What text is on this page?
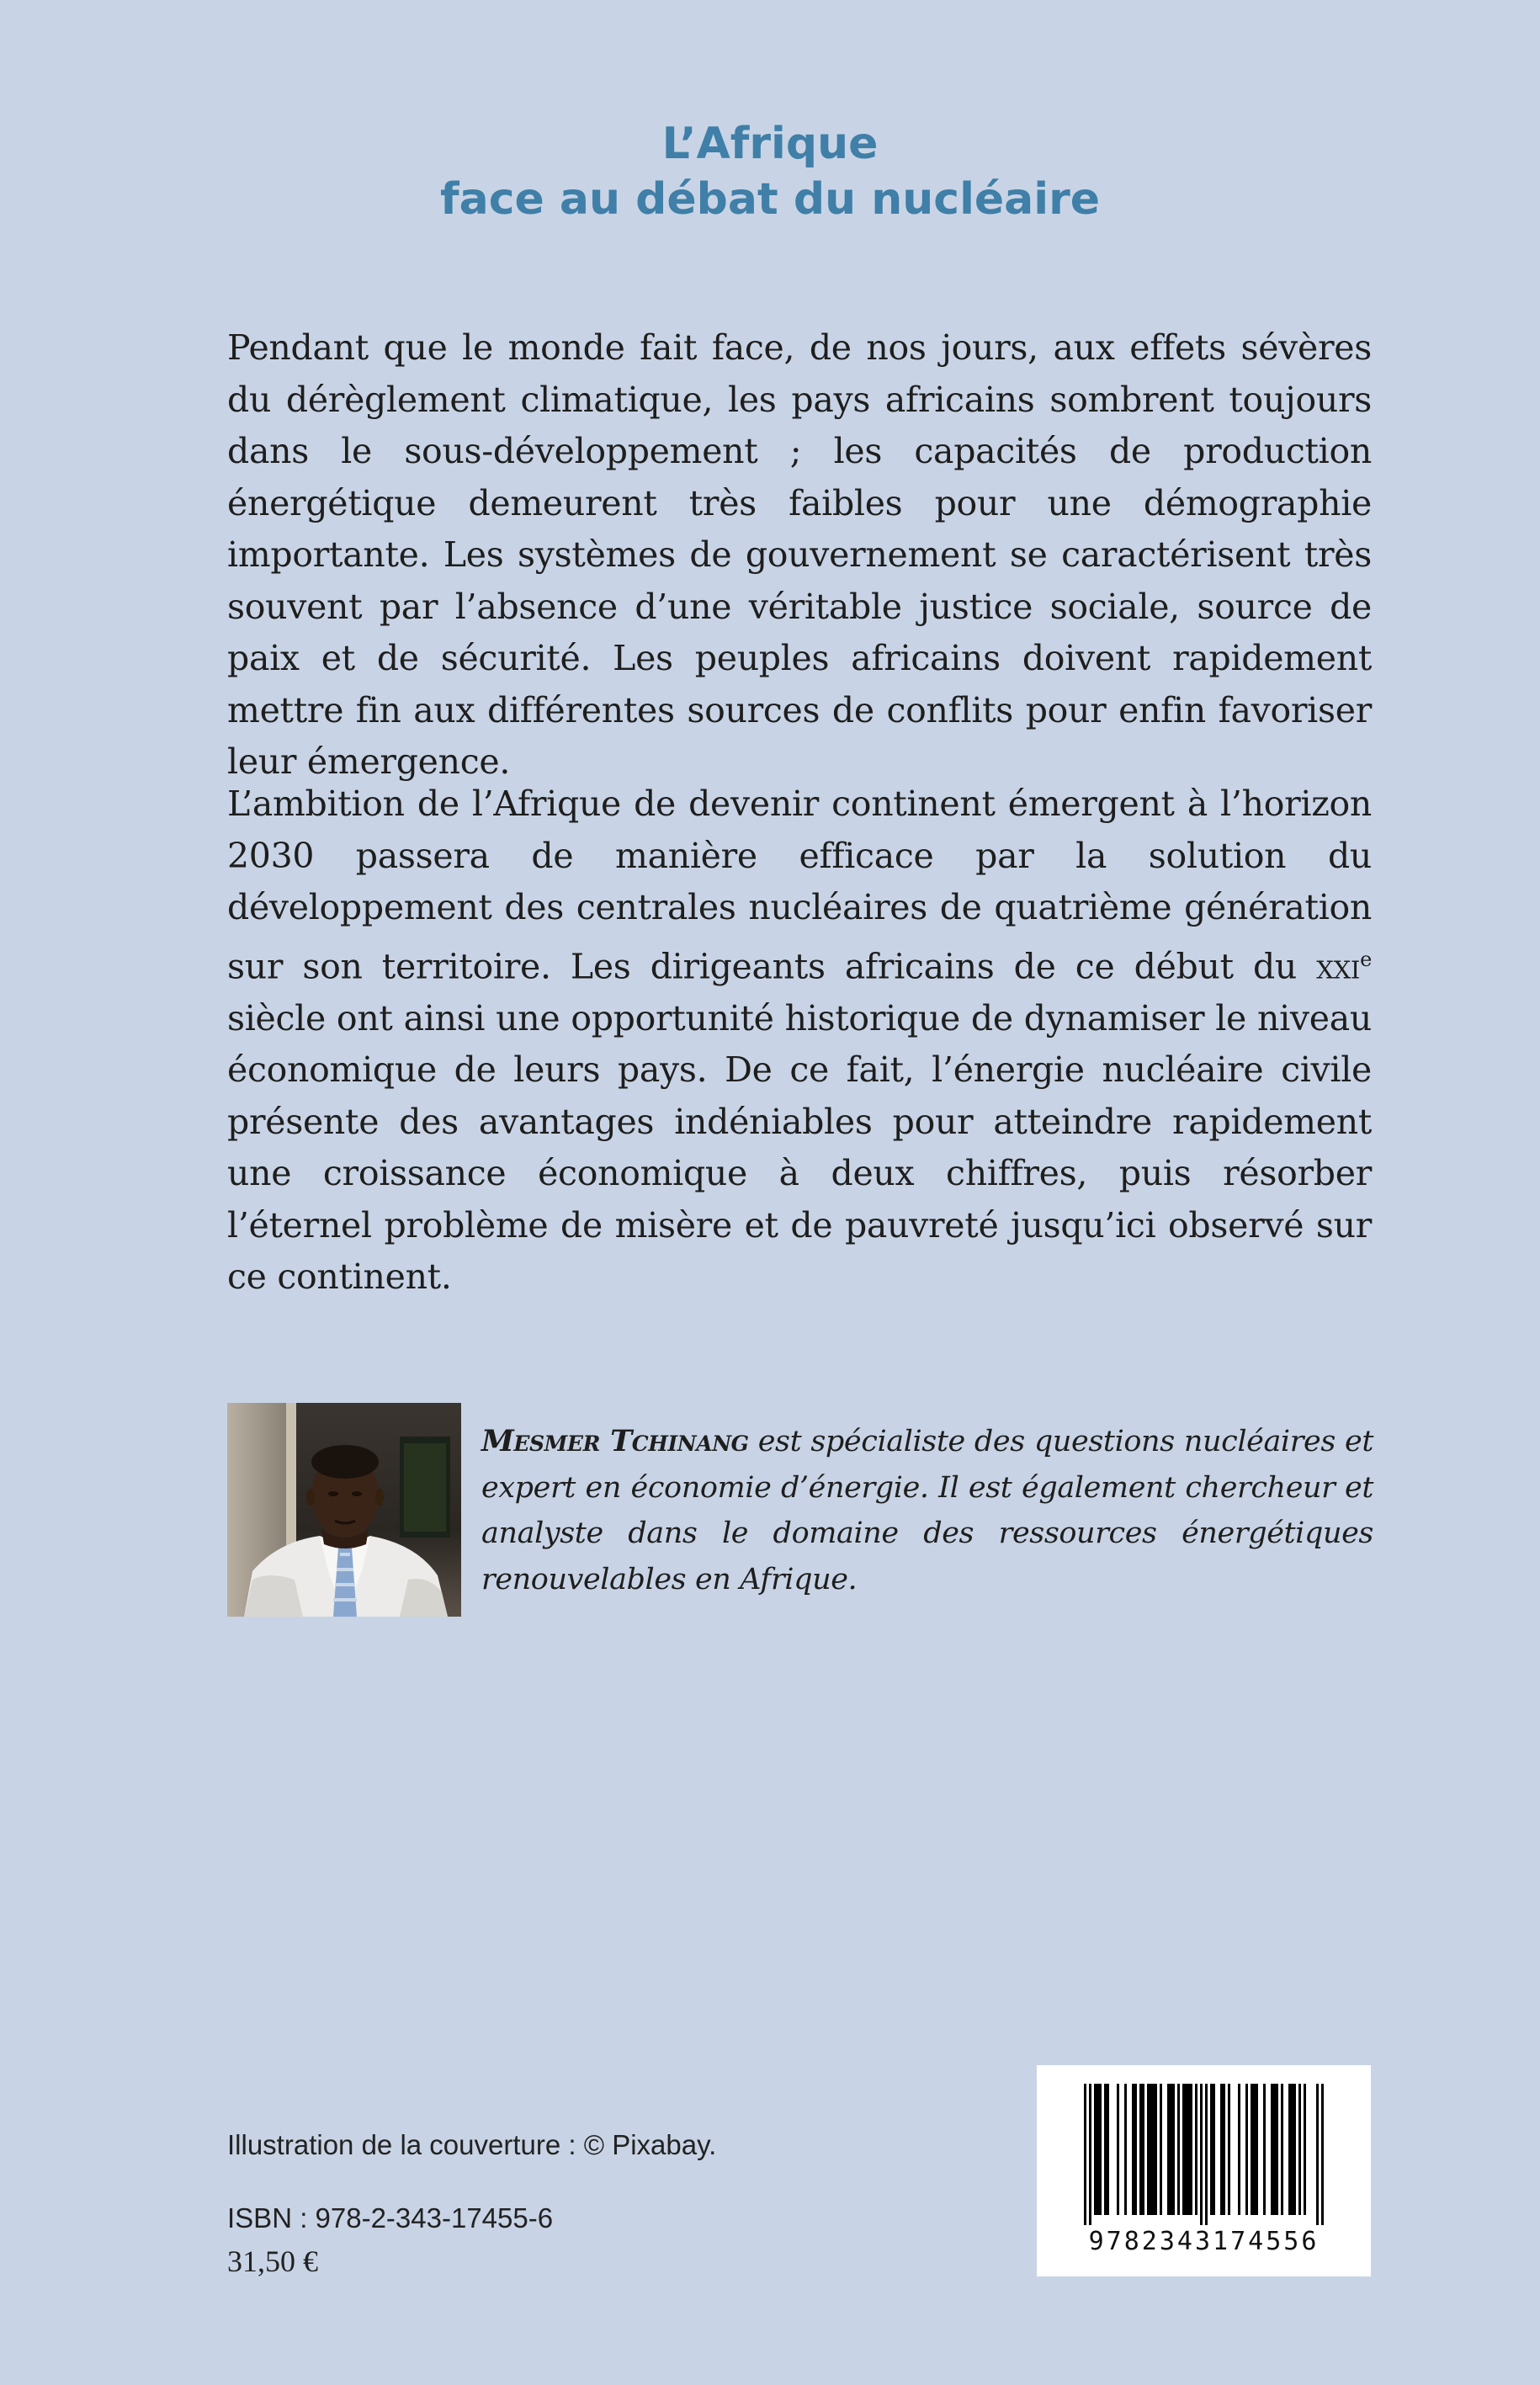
L’Afrique
face au débat du nucléaire

Pendant que le monde fait face, de nos jours, aux effets sévères du dérèglement climatique, les pays africains sombrent toujours dans le sous-développement ; les capacités de production énergétique demeurent très faibles pour une démographie importante. Les systèmes de gouvernement se caractérisent très souvent par l’absence d’une véritable justice sociale, source de paix et de sécurité. Les peuples africains doivent rapidement mettre fin aux différentes sources de conflits pour enfin favoriser leur émergence.

L’ambition de l’Afrique de devenir continent émergent à l’horizon 2030 passera de manière efficace par la solution du développement des centrales nucléaires de quatrième génération sur son territoire. Les dirigeants africains de ce début du xxi$^e$ siècle ont ainsi une opportunité historique de dynamiser le niveau économique de leurs pays. De ce fait, l’énergie nucléaire civile présente des avantages indéniables pour atteindre rapidement une croissance économique à deux chiffres, puis résorber l’éternel problème de misère et de pauvreté jusqu’ici observé sur ce continent.

Mesmer Tchinang est spécialiste des questions nucléaires et expert en économie d’énergie. Il est également chercheur et analyste dans le domaine des ressources énergétiques renouvelables en Afrique.

Illustration de la couverture : © Pixabay.
ISBN : 978-2-343-17455-6
31,50 €
9782343174556
